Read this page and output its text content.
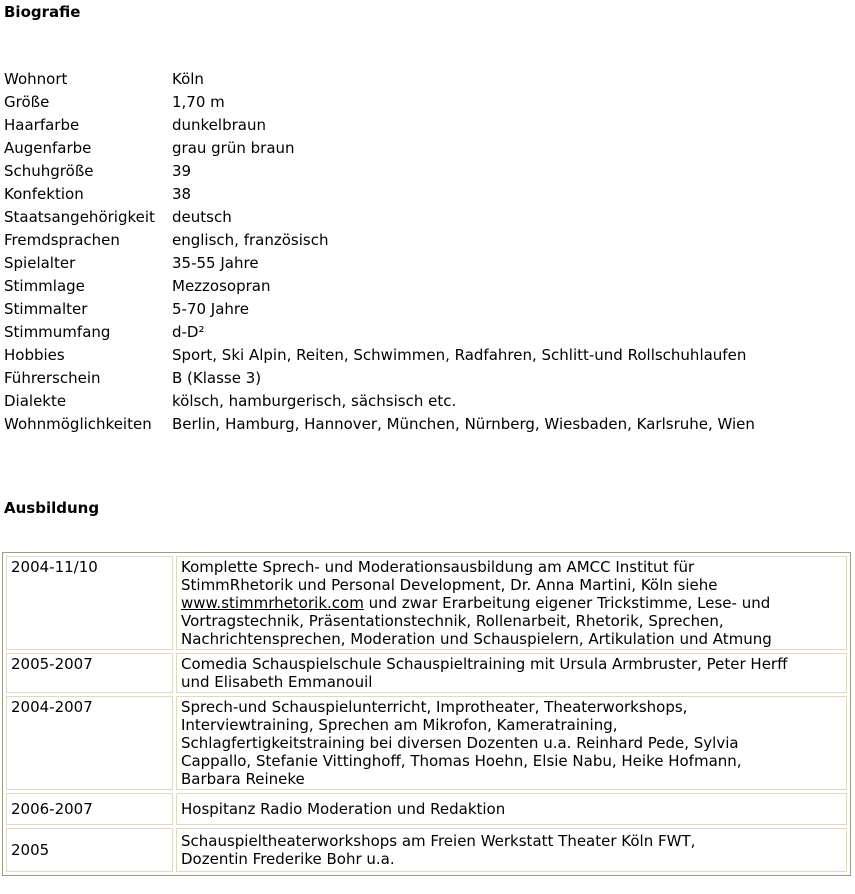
Biografie
Wohnort	Köln
Größe	1,70 m
Haarfarbe	dunkelbraun
Augenfarbe	grau grün braun
Schuhgröße	39
Konfektion	38
Staatsangehörigkeit	deutsch
Fremdsprachen	englisch, französisch
Spielalter	35-55 Jahre
Stimmlage	Mezzosopran
Stimmalter	5-70 Jahre
Stimmumfang	d-D²
Hobbies	Sport, Ski Alpin, Reiten, Schwimmen, Radfahren, Schlitt-und Rollschuhlaufen
Führerschein	B (Klasse 3)
Dialekte	kölsch, hamburgerisch, sächsisch etc.
Wohnmöglichkeiten	Berlin, Hamburg, Hannover, München, Nürnberg, Wiesbaden, Karlsruhe, Wien
Ausbildung
2004-11/10	Komplette Sprech- und Moderationsausbildung am AMCC Institut für
StimmRhetorik und Personal Development, Dr. Anna Martini, Köln siehe
www.stimmrhetorik.com und zwar Erarbeitung eigener Trickstimme, Lese- und
Vortragstechnik, Präsentationstechnik, Rollenarbeit, Rhetorik, Sprechen,
Nachrichtensprechen, Moderation und Schauspielern, Artikulation und Atmung
2005-2007	Comedia Schauspielschule Schauspieltraining mit Ursula Armbruster, Peter Herff
und Elisabeth Emmanouil
2004-2007	Sprech-und Schauspielunterricht, Improtheater, Theaterworkshops,
Interviewtraining, Sprechen am Mikrofon, Kameratraining,
Schlagfertigkeitstraining bei diversen Dozenten u.a. Reinhard Pede, Sylvia
Cappallo, Stefanie Vittinghoff, Thomas Hoehn, Elsie Nabu, Heike Hofmann,
Barbara Reineke
2006-2007	Hospitanz Radio Moderation und Redaktion
2005	Schauspieltheaterworkshops am Freien Werkstatt Theater Köln FWT,
Dozentin Frederike Bohr u.a.
